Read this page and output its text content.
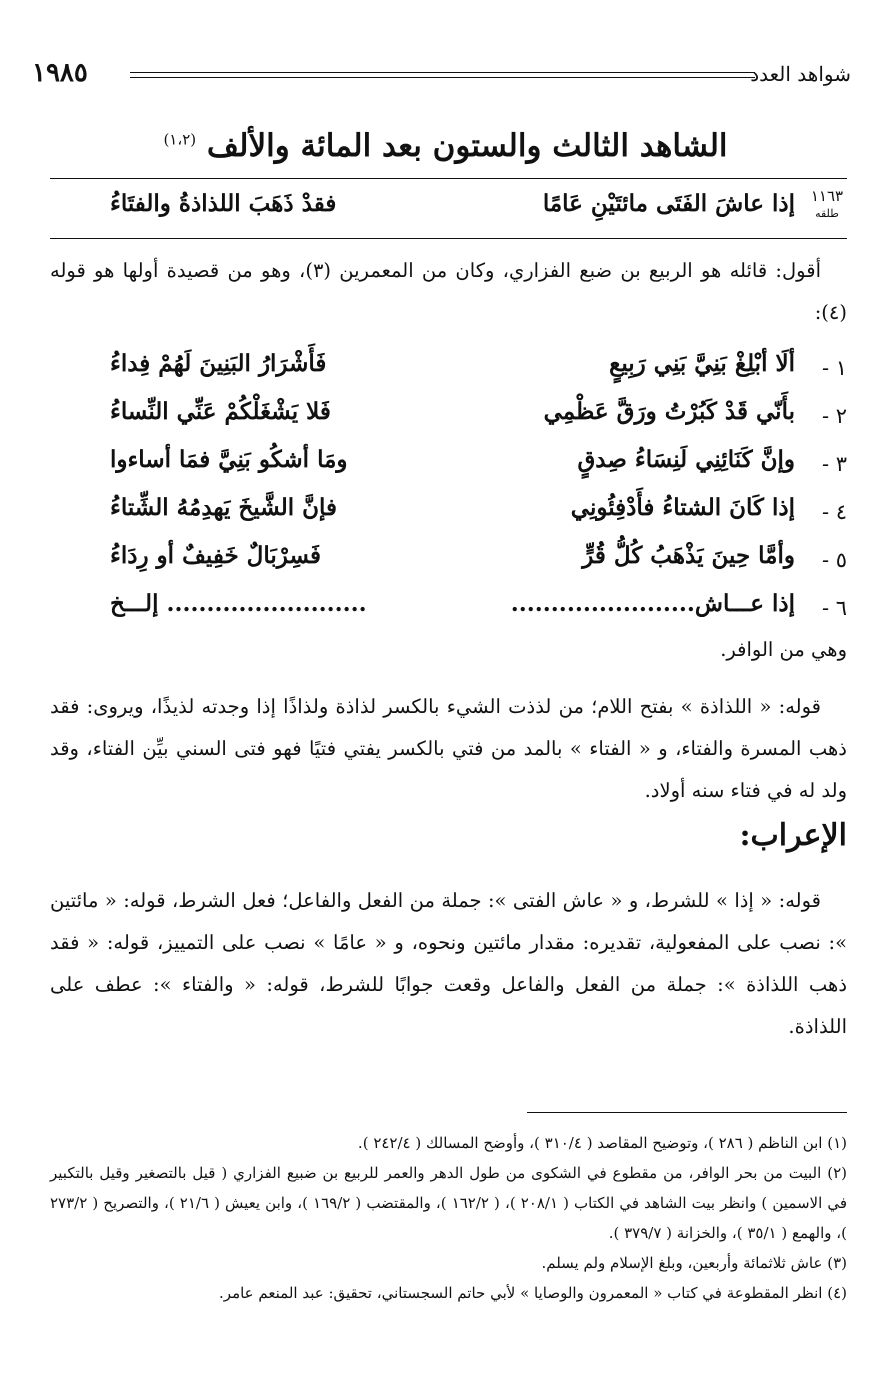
شواهد العدد
١٩٨٥
الشاهد الثالث والستون بعد المائة والألف $^{(١،٢)}$
١١٦٣
طلقه
إذا عاشَ الفَتَى مائتَيْنِ عَامًا
فقدْ ذَهَبَ اللذاذةُ والفتَاءُ
أقول: قائله هو الربيع بن ضبع الفزاري، وكان من المعمرين (٣)، وهو من قصيدة أولها هو قوله (٤):
١ -
ألَا أبْلِغْ بَنِيَّ بَنِي رَبِيعٍ
فَأَشْرَارُ البَنِينَ لَهُمْ فِداءُ
٢ -
بأَنّي قَدْ كَبُرْتُ ورَقَّ عَظْمِي
فَلا يَشْغَلْكُمْ عَنِّي النِّساءُ
٣ -
وإنَّ كَنَائِنِي لَنِسَاءُ صِدقٍ
ومَا أشكُو بَنِيَّ فمَا أساءوا
٤ -
إذا كَانَ الشتاءُ فأَدْفِئُونِي
فإنَّ الشَّيخَ يَهدِمُهُ الشِّتاءُ
٥ -
وأمَّا حِينَ يَذْهَبُ كُلُّ قُرٍّ
فَسِرْبَالٌ خَفِيفٌ أو رِدَاءُ
٦ -
إذا عـــاش.......................
......................... إلـــخ
وهي من الوافر.
قوله: « اللذاذة » بفتح اللام؛ من لذذت الشيء بالكسر لذاذة ولذاذًا إذا وجدته لذيذًا، ويروى: فقد ذهب المسرة والفتاء، و « الفتاء » بالمد من فتي بالكسر يفتي فتيًا فهو فتى السني بيِّن الفتاء، وقد ولد له في فتاء سنه أولاد.
الإعراب:
قوله: « إذا » للشرط، و « عاش الفتى »: جملة من الفعل والفاعل؛ فعل الشرط، قوله: « مائتين »: نصب على المفعولية، تقديره: مقدار مائتين ونحوه، و « عامًا » نصب على التمييز، قوله: « فقد ذهب اللذاذة »: جملة من الفعل والفاعل وقعت جوابًا للشرط، قوله: « والفتاء »: عطف على اللذاذة.
(١) ابن الناظم ( ٢٨٦ )، وتوضيح المقاصد ( ٣١٠/٤ )، وأوضح المسالك ( ٢٤٢/٤ ).
(٢) البيت من بحر الوافر، من مقطوع في الشكوى من طول الدهر والعمر للربيع بن ضبيع الفزاري ( قيل بالتصغير وقيل بالتكبير في الاسمين ) وانظر بيت الشاهد في الكتاب ( ٢٠٨/١ )، ( ١٦٢/٢ )، والمقتضب ( ١٦٩/٢ )، وابن يعيش ( ٢١/٦ )، والتصريح ( ٢٧٣/٢ )، والهمع ( ٣٥/١ )، والخزانة ( ٣٧٩/٧ ).
(٣) عاش ثلاثمائة وأربعين، وبلغ الإسلام ولم يسلم.
(٤) انظر المقطوعة في كتاب « المعمرون والوصايا » لأبي حاتم السجستاني، تحقيق: عبد المنعم عامر.
